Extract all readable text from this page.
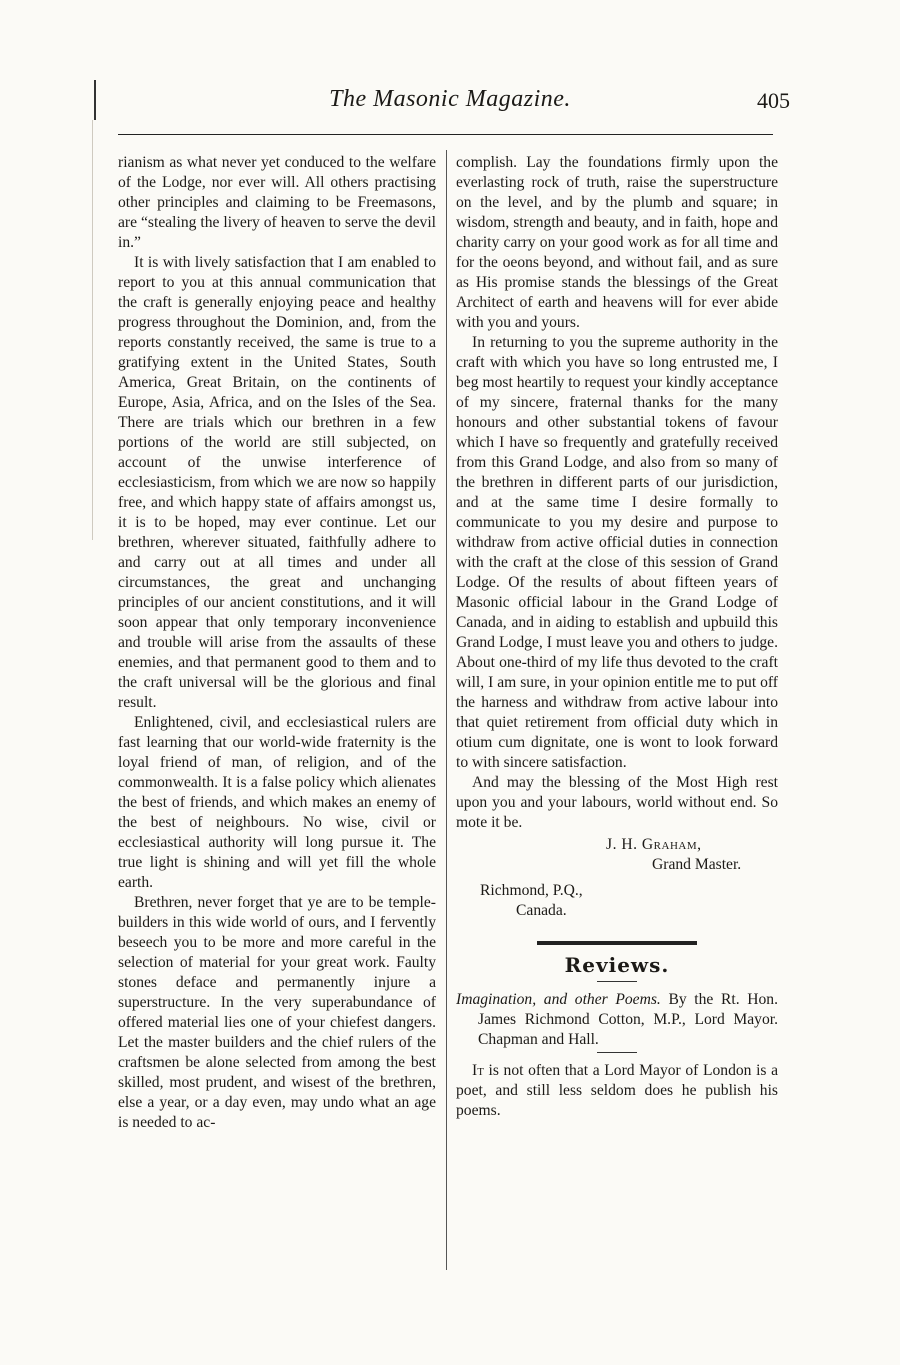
The Masonic Magazine.	405

rianism as what never yet conduced to the welfare of the Lodge, nor ever will. All others practising other principles and claiming to be Freemasons, are “stealing the livery of heaven to serve the devil in.”

It is with lively satisfaction that I am enabled to report to you at this annual communication that the craft is generally enjoying peace and healthy progress throughout the Dominion, and, from the reports constantly received, the same is true to a gratifying extent in the United States, South America, Great Britain, on the continents of Europe, Asia, Africa, and on the Isles of the Sea. There are trials which our brethren in a few portions of the world are still subjected, on account of the unwise interference of ecclesiasticism, from which we are now so happily free, and which happy state of affairs amongst us, it is to be hoped, may ever continue. Let our brethren, wherever situated, faithfully adhere to and carry out at all times and under all circumstances, the great and unchanging principles of our ancient constitutions, and it will soon appear that only temporary inconvenience and trouble will arise from the assaults of these enemies, and that permanent good to them and to the craft universal will be the glorious and final result.

Enlightened, civil, and ecclesiastical rulers are fast learning that our world-wide fraternity is the loyal friend of man, of religion, and of the commonwealth. It is a false policy which alienates the best of friends, and which makes an enemy of the best of neighbours. No wise, civil or ecclesiastical authority will long pursue it. The true light is shining and will yet fill the whole earth.

Brethren, never forget that ye are to be temple-builders in this wide world of ours, and I fervently beseech you to be more and more careful in the selection of material for your great work. Faulty stones deface and permanently injure a superstructure. In the very superabundance of offered material lies one of your chiefest dangers. Let the master builders and the chief rulers of the craftsmen be alone selected from among the best skilled, most prudent, and wisest of the brethren, else a year, or a day even, may undo what an age is needed to ac-

complish. Lay the foundations firmly upon the everlasting rock of truth, raise the superstructure on the level, and by the plumb and square; in wisdom, strength and beauty, and in faith, hope and charity carry on your good work as for all time and for the oeons beyond, and without fail, and as sure as His promise stands the blessings of the Great Architect of earth and heavens will for ever abide with you and yours.

In returning to you the supreme authority in the craft with which you have so long entrusted me, I beg most heartily to request your kindly acceptance of my sincere, fraternal thanks for the many honours and other substantial tokens of favour which I have so frequently and gratefully received from this Grand Lodge, and also from so many of the brethren in different parts of our jurisdiction, and at the same time I desire formally to communicate to you my desire and purpose to withdraw from active official duties in connection with the craft at the close of this session of Grand Lodge. Of the results of about fifteen years of Masonic official labour in the Grand Lodge of Canada, and in aiding to establish and upbuild this Grand Lodge, I must leave you and others to judge. About one-third of my life thus devoted to the craft will, I am sure, in your opinion entitle me to put off the harness and withdraw from active labour into that quiet retirement from official duty which in otium cum dignitate, one is wont to look forward to with sincere satisfaction.

And may the blessing of the Most High rest upon you and your labours, world without end. So mote it be.

J. H. Graham,
Grand Master.
Richmond, P.Q.,
Canada.
Reviews.

Imagination, and other Poems. By the Rt. Hon. James Richmond Cotton, M.P., Lord Mayor. Chapman and Hall.

It is not often that a Lord Mayor of London is a poet, and still less seldom does he publish his poems.
